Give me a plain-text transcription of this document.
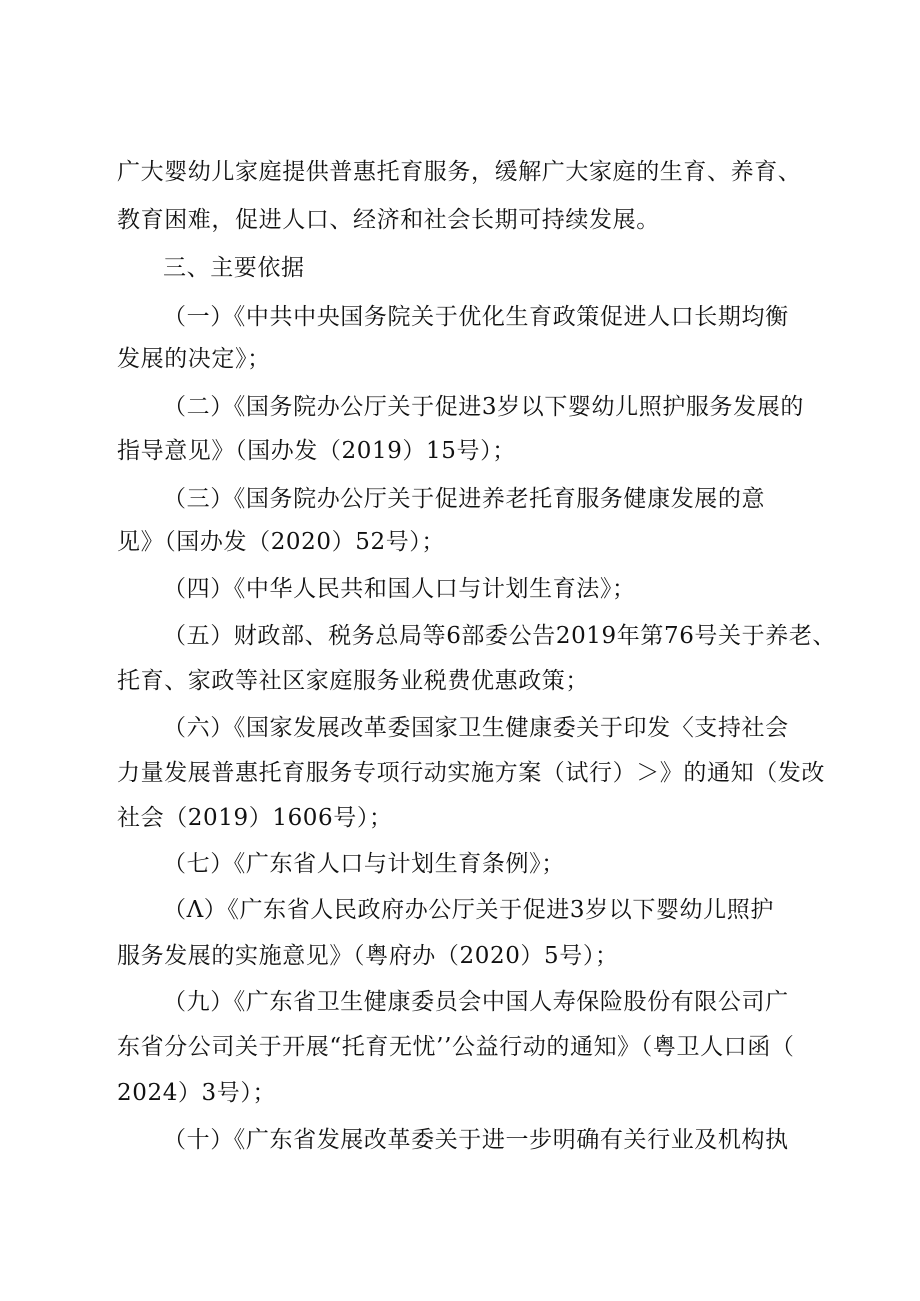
广大婴幼儿家庭提供普惠托育服务，缓解广大家庭的生育、养育、
教育困难，促进人口、经济和社会长期可持续发展。
三、主要依据
（一）《中共中央国务院关于优化生育政策促进人口长期均衡
发展的决定》；
（二）《国务院办公厅关于促进3岁以下婴幼儿照护服务发展的
指导意见》（国办发（2019）15号）；
（三）《国务院办公厅关于促进养老托育服务健康发展的意
见》（国办发（2020）52号）；
（四）《中华人民共和国人口与计划生育法》；
（五）财政部、税务总局等6部委公告2019年第76号关于养老、
托育、家政等社区家庭服务业税费优惠政策；
（六）《国家发展改革委国家卫生健康委关于印发〈支持社会
力量发展普惠托育服务专项行动实施方案（试行）＞》的通知（发改
社会（2019）1606号）；
（七）《广东省人口与计划生育条例》；
（Λ）《广东省人民政府办公厅关于促进3岁以下婴幼儿照护
服务发展的实施意见》（粤府办（2020）5号）；
（九）《广东省卫生健康委员会中国人寿保险股份有限公司广
东省分公司关于开展“托育无忧’’公益行动的通知》（粤卫人口函（
2024）3号）；
（十）《广东省发展改革委关于进一步明确有关行业及机构执
